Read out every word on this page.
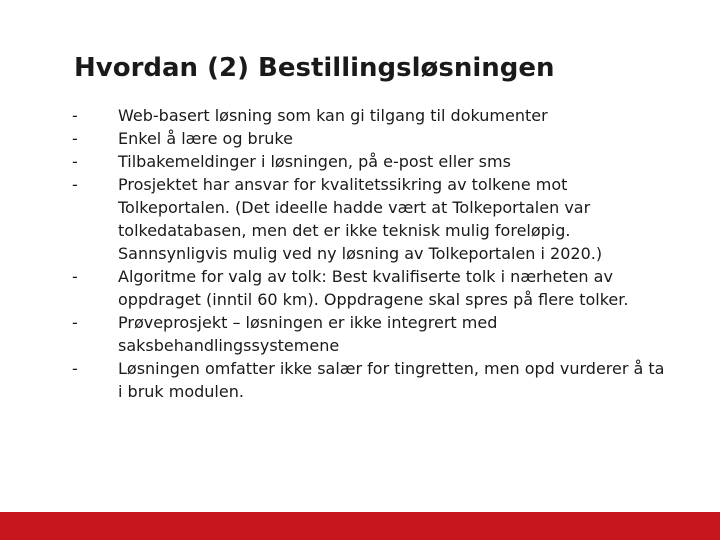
Hvordan (2) Bestillingsløsningen
-	Web-basert løsning som kan gi tilgang til dokumenter
-	Enkel å lære og bruke
-	Tilbakemeldinger i løsningen, på e-post eller sms
-	Prosjektet har ansvar for kvalitetssikring av tolkene mot Tolkeportalen. (Det ideelle hadde vært at Tolkeportalen var tolkedatabasen, men det er ikke teknisk mulig foreløpig. Sannsynligvis mulig ved ny løsning av Tolkeportalen i 2020.)
-	Algoritme for valg av tolk: Best kvalifiserte tolk i nærheten av oppdraget (inntil 60 km). Oppdragene skal spres på flere tolker.
-	Prøveprosjekt – løsningen er ikke integrert med saksbehandlingssystemene
-	Løsningen omfatter ikke salær for tingretten, men opd vurderer å ta i bruk modulen.
